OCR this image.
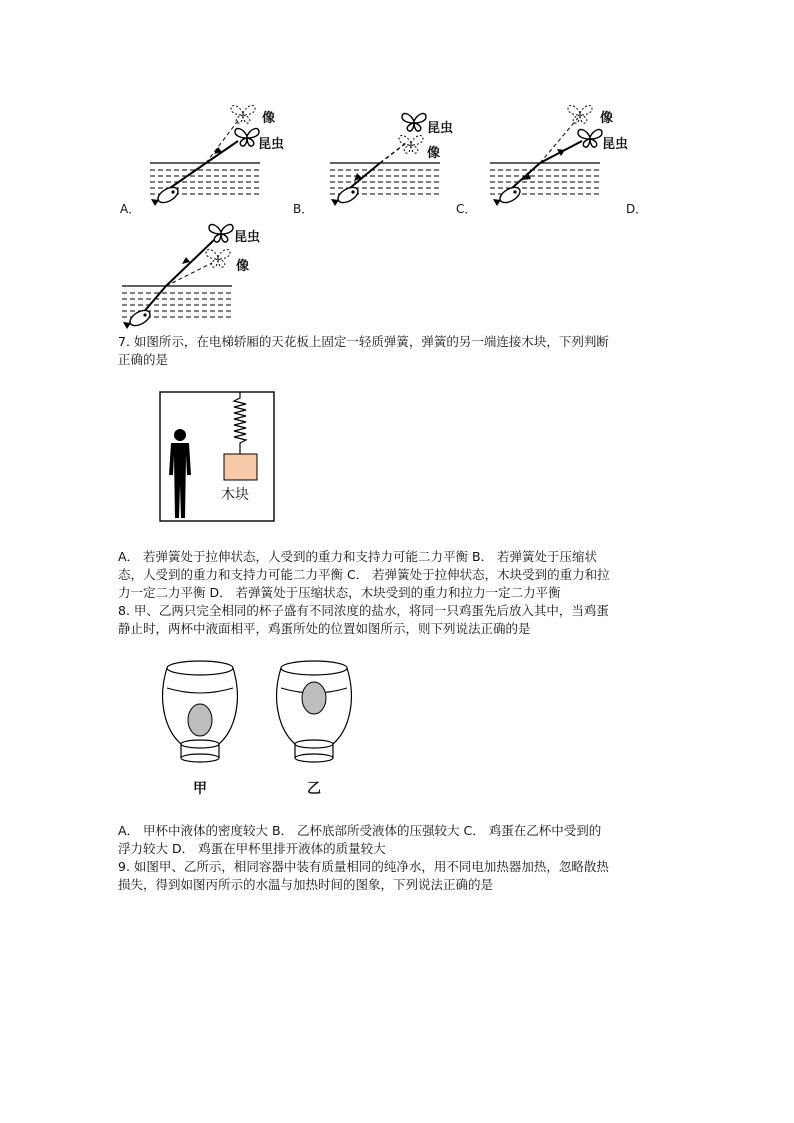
像
昆虫
昆虫
像
像
昆虫
昆虫
像
A．	B．	C．	D．
7. 如图所示，在电梯轿厢的天花板上固定一轻质弹簧，弹簧的另一端连接木块，下列判断
正确的是
木块
A． 若弹簧处于拉伸状态，人受到的重力和支持力可能二力平衡 B． 若弹簧处于压缩状
态，人受到的重力和支持力可能二力平衡 C． 若弹簧处于拉伸状态，木块受到的重力和拉
力一定二力平衡 D． 若弹簧处于压缩状态，木块受到的重力和拉力一定二力平衡
8. 甲、乙两只完全相同的杯子盛有不同浓度的盐水，将同一只鸡蛋先后放入其中，当鸡蛋
静止时，两杯中液面相平，鸡蛋所处的位置如图所示，则下列说法正确的是
甲	乙
A． 甲杯中液体的密度较大 B． 乙杯底部所受液体的压强较大 C． 鸡蛋在乙杯中受到的
浮力较大 D． 鸡蛋在甲杯里排开液体的质量较大
9. 如图甲、乙所示，相同容器中装有质量相同的纯净水，用不同电加热器加热，忽略散热
损失，得到如图丙所示的水温与加热时间的图象，下列说法正确的是
